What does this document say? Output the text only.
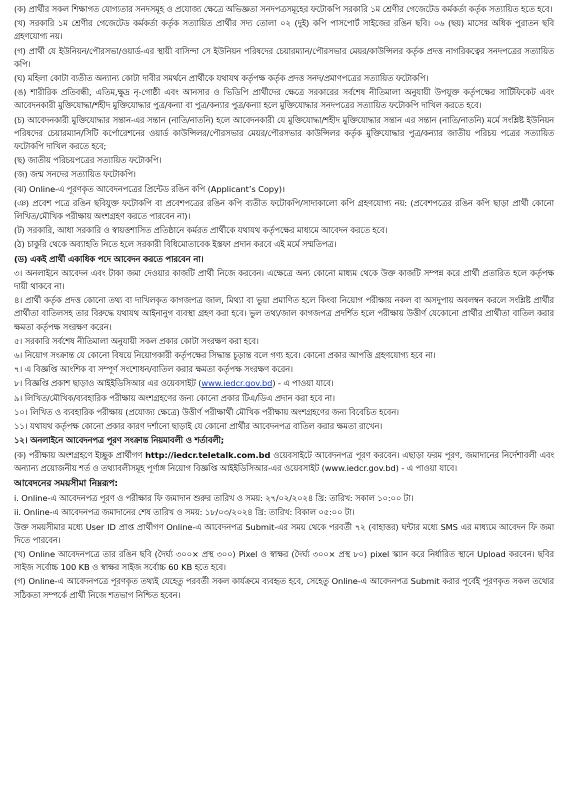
(ক) প্রার্থীর সকল শিক্ষাগত যোগ্যতার সনদসমূহ ও প্রযোজ্য ক্ষেত্রে অভিজ্ঞতা সনদপত্রসমূহের ফটোকপি সরকারি ১ম শ্রেণীর গেজেটেড কর্মকর্তা কর্তৃক সত্যায়িত হতে হবে।

(খ) সরকারি ১ম শ্রেণীর গেজেটেড কর্মকর্তা কর্তৃক সত্যায়িত প্রার্থীর সদ্য তোলা ০২ (দুই) কপি পাসপোর্ট সাইজের রঙিন ছবি। ০৬ (ছয়) মাসের অধিক পুরাতন ছবি গ্রহণযোগ্য নয়।

(গ) প্রার্থী যে ইউনিয়ন/পৌরসভা/ওয়ার্ড-এর স্থায়ী বাসিন্দা সে ইউনিয়ন পরিষদের চেয়ারম্যান/পৌরসভার মেয়র/কাউন্সিলর কর্তৃক প্রদত্ত নাগরিকত্বের সনদপত্রের সত্যায়িত কপি।

(ঘ) মহিলা কোটা ব্যতীত অন্যান্য কোটা দাবীর সমর্থনে প্রার্থীকে যথাযথ কর্তৃপক্ষ কর্তৃক প্রদত্ত সনদ/প্রমাণপত্রের সত্যায়িত ফটোকপি।

(ঙ) শারীরিক প্রতিবন্ধী, এতিম,ক্ষুদ্র নৃ-গোষ্ঠী এবং আনসার ও ভিডিপি প্রার্থীদের ক্ষেত্রে সরকারের সর্বশেষ নীতিমালা অনুযায়ী উপযুক্ত কর্তৃপক্ষের সার্টিফিকেট এবং আবেদনকারী মুক্তিযোদ্ধা/শহীদ মুক্তিযোদ্ধার পুত্র/কন্যা বা পুত্র/কন্যার পুত্র/কন্যা হলে মুক্তিযোদ্ধার সনদপত্রের সত্যায়িত ফটোকপি দাখিল করতে হবে।

(চ) আবেদনকারী মুক্তিযোদ্ধার সন্তান-এর সন্তান (নাতি/নাতনি) হলে আবেদনকারী যে মুক্তিযোদ্ধা/শহীদ মুক্তিযোদ্ধার সন্তান এর সন্তান (নাতি/নাতনি) মর্মে সংশ্লিষ্ট ইউনিয়ন পরিষদের চেয়ারম্যান/সিটি কর্পোরেশনের ওয়ার্ড কাউন্সিলর/পৌরসভার মেয়র/পৌরসভার কাউন্সিলর কর্তৃক মুক্তিযোদ্ধার পুত্র/কন্যার জাতীয় পরিচয় পত্রের সত্যায়িত ফটোকপি দাখিল করতে হবে;

(ছ) জাতীয় পরিচয়পত্রের সত্যায়িত ফটোকপি।

(জ) জন্ম সনদের সত্যায়িত ফটোকপি।

(ঝ) Online-এ পূরণকৃত আবেদনপত্রের প্রিন্টেড রঙিন কপি (Applicant’s Copy)।

(ঞ) প্রবেশ পত্রে রঙিন ছবিযুক্ত ফটোকপি বা প্রবেশপত্রের রঙিন কপি ব্যতীত ফটোকপি/সাদাকালো কপি গ্রহণযোগ্য নয়: (প্রবেশপত্রের রঙিন কপি ছাড়া প্রার্থী কোনো লিখিত/মৌখিক পরীক্ষায় অংশগ্রহণ করতে পারবেন না)।

(ট) সরকারি, আধা সরকারি ও স্বায়ত্তশাসিত প্রতিষ্ঠানে কর্মরত প্রার্থীকে যথাযথ কর্তৃপক্ষের মাধ্যমে আবেদন করতে হবে।

(ঠ) চাকুরি থেকে অব্যাহতি নিতে হলে সরকারী বিধিমোতাবেক ইস্তফা প্রদান করবে এই মর্মে সম্মতিপত্র।

(ড) একই প্রার্থী একাধিক পদে আবেদন করতে পারবেন না।

৩। অনলাইনে আবেদন এবং টাকা জমা দেওয়ার কাজটি প্রার্থী নিজে করবেন। এক্ষেত্রে অন্য কোনো মাধ্যম থেকে উক্ত কাজটি সম্পন্ন করে প্রার্থী প্রতারিত হলে কর্তৃপক্ষ দায়ী থাকবে না।

৪। প্রার্থী কর্তৃক প্রদত্ত কোনো তথ্য বা দাখিলকৃত কাগজপত্র জাল, মিথ্যা বা ভুয়া প্রমাণিত হলে কিংবা নিয়োগ পরীক্ষায় নকল বা অসদুপায় অবলম্বন করলে সংশ্লিষ্ট প্রার্থীর প্রার্থীতা বাতিলসহ তার বিরুদ্ধে যথাযথ আইনানুগ ব্যবস্থা গ্রহণ করা হবে। ভুল তথ্য/জাল কাগজপত্র প্রদর্শিত হলে পরীক্ষায় উত্তীর্ণ যেকোনো প্রার্থীর প্রার্থীতা বাতিল করার ক্ষমতা কর্তৃপক্ষ সংরক্ষণ করেন।

৫। সরকারি সর্বশেষ নীতিমালা অনুযায়ী সকল প্রকার কোটা সংরক্ষণ করা হবে।

৬। নিয়োগ সংক্রান্ত যে কোনো বিষয়ে নিয়োগকারী কর্তৃপক্ষের সিদ্ধান্ত চূড়ান্ত বলে গণ্য হবে। কোনো প্রকার আপত্তি গ্রহণযোগ্য হবে না।

৭। এ বিজ্ঞপ্তি আংশিক বা সম্পূর্ণ সংশোধন/বাতিল করার ক্ষমতা কর্তৃপক্ষ সংরক্ষণ করেন।

৮। বিজ্ঞপ্তি প্রকাশ ছাড়াও আইইডিসিআর এর ওয়েবসাইট (www.iedcr.gov.bd) - এ পাওয়া যাবে।

৯। লিখিত/মৌখিক/ব্যবহারিক পরীক্ষায় অংশগ্রহণের জন্য কোনো প্রকার টিএ/ডিএ প্রদান করা হবে না।

১০। লিখিত ও ব্যবহারিক পরীক্ষায় (প্রযোজ্য ক্ষেত্রে) উত্তীর্ণ পরীক্ষার্থী মৌখিক পরীক্ষায় অংশগ্রহণের জন্য বিবেচিত হবেন।

১১। যথাযথ কর্তৃপক্ষ কোনো প্রকার কারণ দর্শানো ছাড়াই যে কোনো প্রার্থীর আবেদনপত্র বাতিল করার ক্ষমতা রাখেন।

১২। অনলাইনে আবেদনপত্র পূরণ সংক্রান্ত নিয়মাবলী ও শর্তাবলী;

(ক) পরীক্ষায় অংশগ্রহণে ইচ্ছুক প্রার্থীগণ http://iedcr.teletalk.com.bd ওয়েবসাইটে আবেদনপত্র পূরণ করবেন। এছাড়া ফরম পূরণ, জমাদানের নির্দেশাবলী এবং অন্যান্য প্রয়োজনীয় শর্ত ও তথ্যাবলীসমূহ পূর্ণাঙ্গ নিয়োগ বিজ্ঞপ্তি আইইডিসিআর-এর ওয়েবসাইট (www.iedcr.gov.bd) - এ পাওয়া যাবে।

আবেদনের সময়সীমা নিম্নরূপ:

i. Online-এ আবেদনপত্র পূরণ ও পরীক্ষার ফি জমাদান শুরুর তারিখ ও সময়: ২৭/০২/২০২৪ খ্রি: তারিখ: সকাল ১০:০০ টা।

ii. Online-এ আবেদনপত্র জমাদানের শেষ তারিখ ও সময়: ১৮/০৩/২০২৪ খ্রি: তারিখ: বিকাল ০৫:০০ টা।

উক্ত সময়সীমার মধ্যে User ID প্রাপ্ত প্রার্থীগণ Online-এ আবেদনপত্র Submit-এর সময় থেকে পরবর্তী ৭২ (বাহাত্তর) ঘন্টার মধ্যে SMS এর মাধ্যমে আবেদন ফি জমা দিতে পারবেন।

(খ) Online আবেদনপত্রে তার রঙিন ছবি (দৈর্ঘ্য ৩০০× প্রস্থ ৩০০) Pixel ও স্বাক্ষর (দৈর্ঘ্য ৩০০× প্রস্থ ৮০) pixel স্ক্যান করে নির্ধারিত স্থানে Upload করবেন। ছবির সাইজ সর্বোচ্চ 100 KB ও স্বাক্ষর সাইজ সর্বোচ্চ 60 KB হতে হবে।

(গ) Online-এ আবেদনপত্রে পূরণকৃত তথ্যই যেহেতু পরবর্তী সকল কার্যক্রমে ব্যবহৃত হবে, সেহেতু Online-এ আবেদনপত্র Submit করার পূর্বেই পূরণকৃত সকল তথ্যের সঠিকতা সম্পর্কে প্রার্থী নিজে শতভাগ নিশ্চিত হবেন।
